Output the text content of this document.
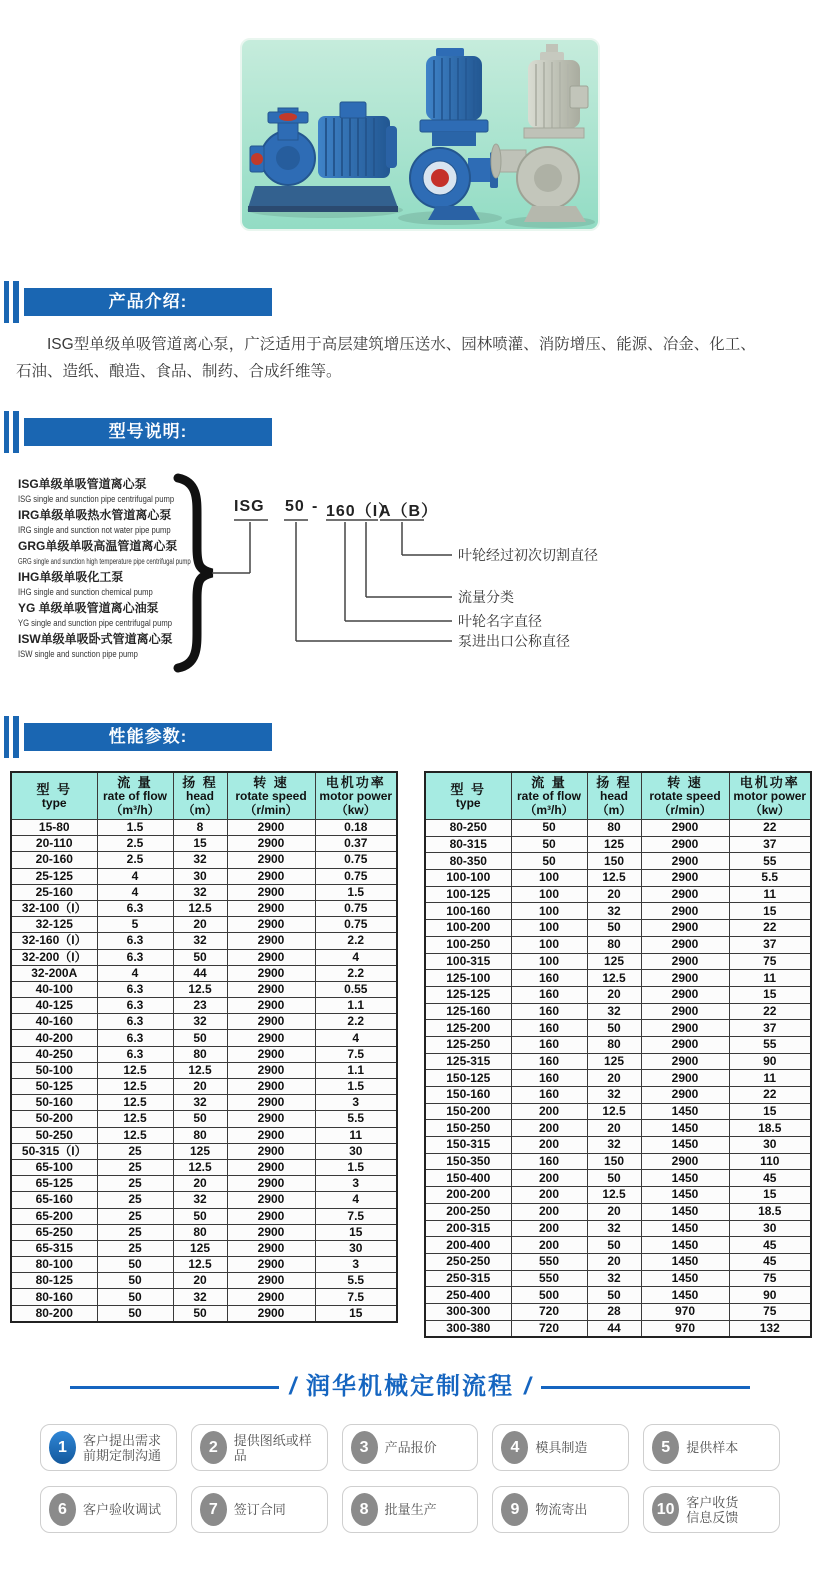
产品介绍:
ISG型单级单吸管道离心泵，广泛适用于高层建筑增压送水、园林喷灌、消防增压、能源、冶金、化工、石油、造纸、酿造、食品、制药、合成纤维等。
型号说明:
ISG单级单吸管道离心泵
ISG single and sunction pipe centrifugal pump
IRG单级单吸热水管道离心泵
IRG single and sunction not water pipe pump
GRG单级单吸高温管道离心泵
GRG single and sunction high temperature pipe centrifugal pump
IHG单级单吸化工泵
IHG single and sunction chemical pump
YG 单级单吸管道离心油泵
YG single and sunction pipe centrifugal pump
ISW单级单吸卧式管道离心泵
ISW single and sunction pipe pump
ISG 50 - 160（I）
A（B）
叶轮经过初次切割直径
流量分类
叶轮名字直径
泵进出口公称直径
性能参数:
型 号
type

流 量
rate of flow
（m³/h）

扬 程
head
（m）

转 速
rotate speed
（r/min）

电机功率
motor power
（kw）

15-80	1.5	8	2900	0.18
20-110	2.5	15	2900	0.37
20-160	2.5	32	2900	0.75
25-125	4	30	2900	0.75
25-160	4	32	2900	1.5
32-100（I）	6.3	12.5	2900	0.75
32-125	5	20	2900	0.75
32-160（I）	6.3	32	2900	2.2
32-200（I）	6.3	50	2900	4
32-200A	4	44	2900	2.2
40-100	6.3	12.5	2900	0.55
40-125	6.3	23	2900	1.1
40-160	6.3	32	2900	2.2
40-200	6.3	50	2900	4
40-250	6.3	80	2900	7.5
50-100	12.5	12.5	2900	1.1
50-125	12.5	20	2900	1.5
50-160	12.5	32	2900	3
50-200	12.5	50	2900	5.5
50-250	12.5	80	2900	11
50-315（I）	25	125	2900	30
65-100	25	12.5	2900	1.5
65-125	25	20	2900	3
65-160	25	32	2900	4
65-200	25	50	2900	7.5
65-250	25	80	2900	15
65-315	25	125	2900	30
80-100	50	12.5	2900	3
80-125	50	20	2900	5.5
80-160	50	32	2900	7.5
80-200	50	50	2900	15
型 号
type

流 量
rate of flow
（m³/h）

扬 程
head
（m）

转 速
rotate speed
（r/min）

电机功率
motor power
（kw）

80-250	50	80	2900	22
80-315	50	125	2900	37
80-350	50	150	2900	55
100-100	100	12.5	2900	5.5
100-125	100	20	2900	11
100-160	100	32	2900	15
100-200	100	50	2900	22
100-250	100	80	2900	37
100-315	100	125	2900	75
125-100	160	12.5	2900	11
125-125	160	20	2900	15
125-160	160	32	2900	22
125-200	160	50	2900	37
125-250	160	80	2900	55
125-315	160	125	2900	90
150-125	160	20	2900	11
150-160	160	32	2900	22
150-200	200	12.5	1450	15
150-250	200	20	1450	18.5
150-315	200	32	1450	30
150-350	160	150	2900	110
150-400	200	50	1450	45
200-200	200	12.5	1450	15
200-250	200	20	1450	18.5
200-315	200	32	1450	30
200-400	200	50	1450	45
250-250	550	20	1450	45
250-315	550	32	1450	75
250-400	500	50	1450	90
300-300	720	28	970	75
300-380	720	44	970	132
/ 润华机械定制流程 /
1	客户提出需求
前期定制沟通	2	提供图纸或样
品	3	产品报价	4	模具制造	5	提供样本
6	客户验收调试	7	签订合同	8	批量生产	9	物流寄出	10 客户收货
信息反馈
